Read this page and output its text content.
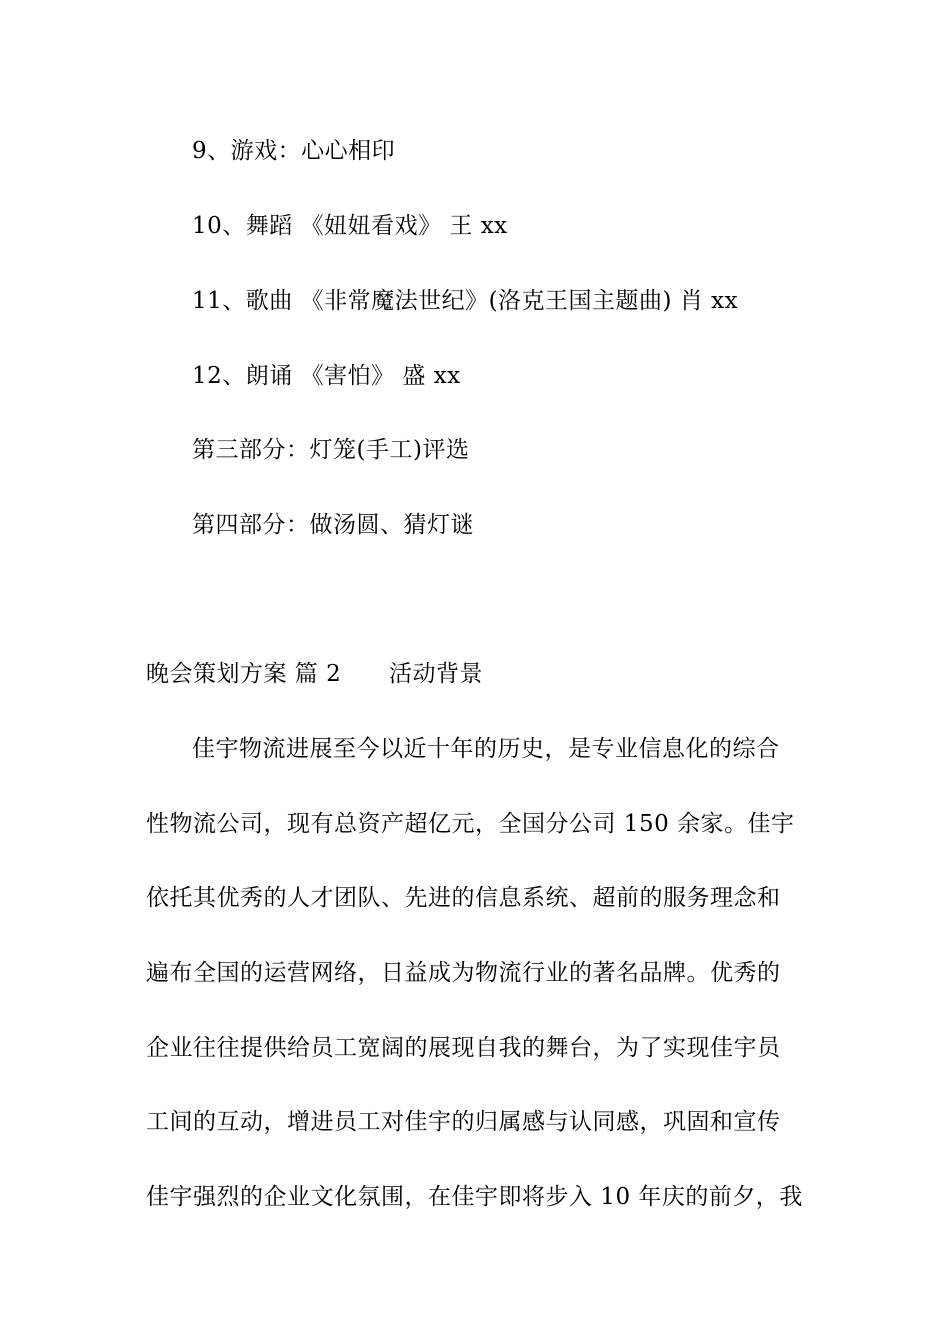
9、游戏：心心相印
10、舞蹈 《妞妞看戏》 王 xx
11、歌曲 《非常魔法世纪》(洛克王国主题曲) 肖 xx
12、朗诵 《害怕》 盛 xx
第三部分：灯笼(手工)评选
第四部分：做汤圆、猜灯谜
晚会策划方案 篇 2 活动背景
佳宇物流进展至今以近十年的历史，是专业信息化的综合
性物流公司，现有总资产超亿元，全国分公司 150 余家。佳宇
依托其优秀的人才团队、先进的信息系统、超前的服务理念和
遍布全国的运营网络，日益成为物流行业的著名品牌。优秀的
企业往往提供给员工宽阔的展现自我的舞台，为了实现佳宇员
工间的互动，增进员工对佳宇的归属感与认同感，巩固和宣传
佳宇强烈的企业文化氛围，在佳宇即将步入 10 年庆的前夕，我
